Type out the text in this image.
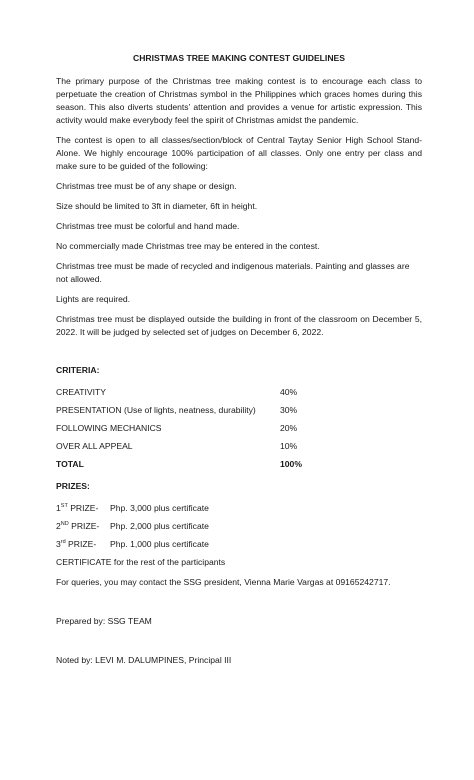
CHRISTMAS TREE MAKING CONTEST GUIDELINES

The primary purpose of the Christmas tree making contest is to encourage each class to perpetuate the creation of Christmas symbol in the Philippines which graces homes during this season. This also diverts students’ attention and provides a venue for artistic expression. This activity would make everybody feel the spirit of Christmas amidst the pandemic.

The contest is open to all classes/section/block of Central Taytay Senior High School Stand-Alone. We highly encourage 100% participation of all classes. Only one entry per class and make sure to be guided of the following:

Christmas tree must be of any shape or design.

Size should be limited to 3ft in diameter, 6ft in height.

Christmas tree must be colorful and hand made.

No commercially made Christmas tree may be entered in the contest.

Christmas tree must be made of recycled and indigenous materials. Painting and glasses are not allowed.

Lights are required.

Christmas tree must be displayed outside the building in front of the classroom on December 5, 2022. It will be judged by selected set of judges on December 6, 2022.

CRITERIA:
CREATIVITY	40%
PRESENTATION (Use of lights, neatness, durability)	30%
FOLLOWING MECHANICS	20%
OVER ALL APPEAL	10%
TOTAL	100%
PRIZES:
1ST PRIZE-	Php. 3,000 plus certificate
2ND PRIZE-	Php. 2,000 plus certificate
3rd PRIZE-	Php. 1,000 plus certificate

CERTIFICATE for the rest of the participants

For queries, you may contact the SSG president, Vienna Marie Vargas at 09165242717.

Prepared by: SSG TEAM

Noted by: LEVI M. DALUMPINES, Principal III
